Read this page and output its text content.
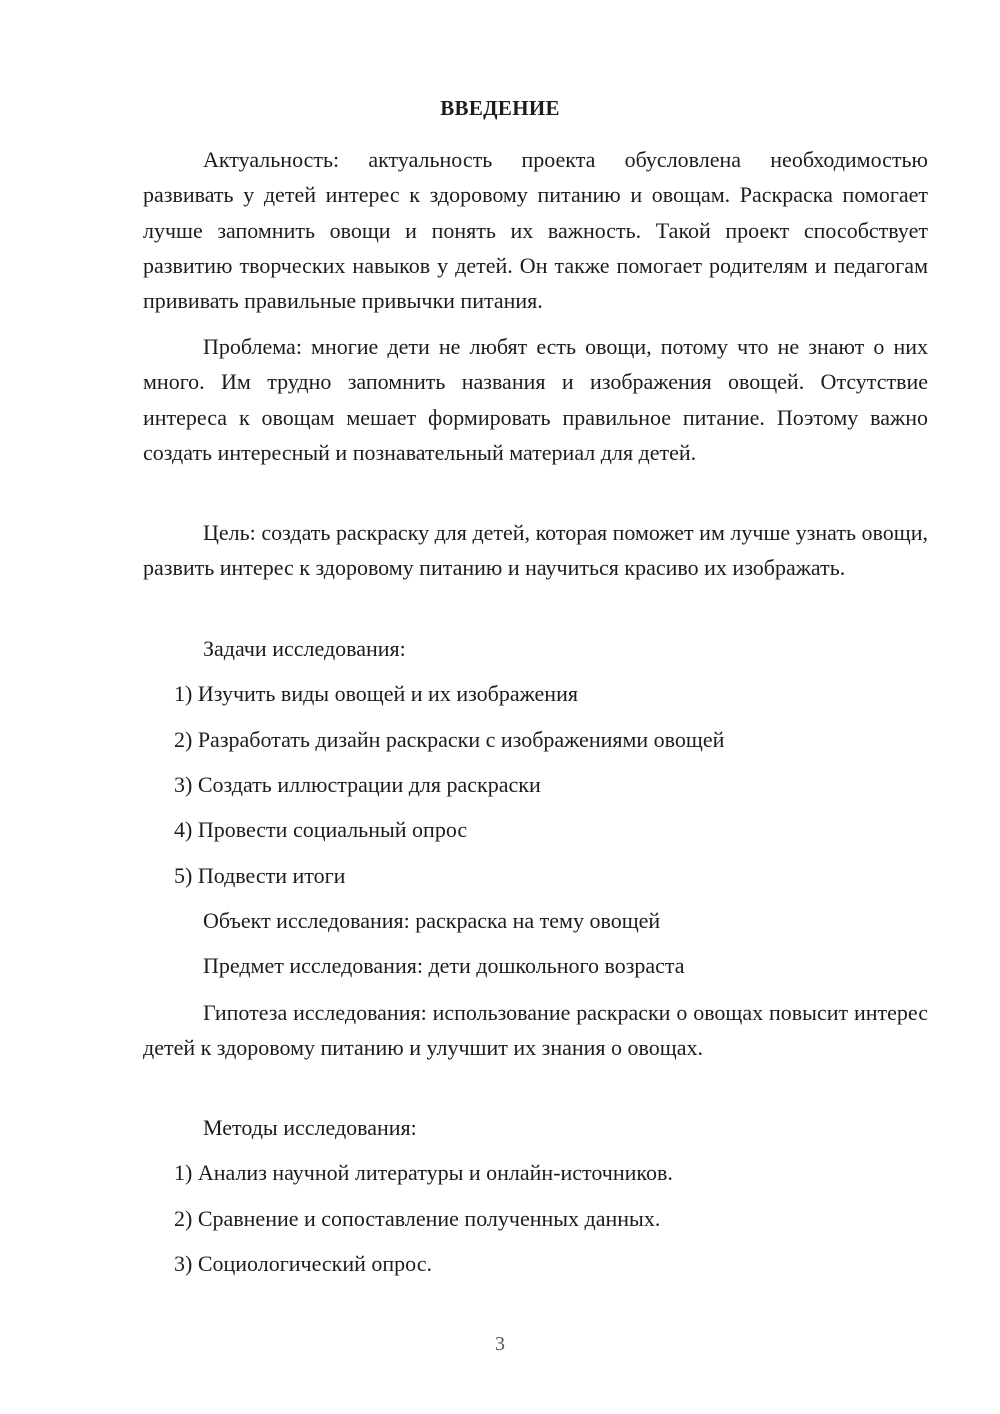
ВВЕДЕНИЕ

Актуальность: актуальность проекта обусловлена необходимостью развивать у детей интерес к здоровому питанию и овощам. Раскраска помогает лучше запомнить овощи и понять их важность. Такой проект способствует развитию творческих навыков у детей. Он также помогает родителям и педагогам прививать правильные привычки питания.

Проблема: многие дети не любят есть овощи, потому что не знают о них много. Им трудно запомнить названия и изображения овощей. Отсутствие интереса к овощам мешает формировать правильное питание. Поэтому важно создать интересный и познавательный материал для детей.

Цель: создать раскраску для детей, которая поможет им лучше узнать овощи, развить интерес к здоровому питанию и научиться красиво их изображать.

Задачи исследования:

1) Изучить виды овощей и их изображения

2) Разработать дизайн раскраски с изображениями овощей

3) Создать иллюстрации для раскраски

4) Провести социальный опрос

5) Подвести итоги

Объект исследования: раскраска на тему овощей

Предмет исследования: дети дошкольного возраста

Гипотеза исследования: использование раскраски о овощах повысит интерес детей к здоровому питанию и улучшит их знания о овощах.

Методы исследования:

1) Анализ научной литературы и онлайн-источников.

2) Сравнение и сопоставление полученных данных.

3) Социологический опрос.

3
